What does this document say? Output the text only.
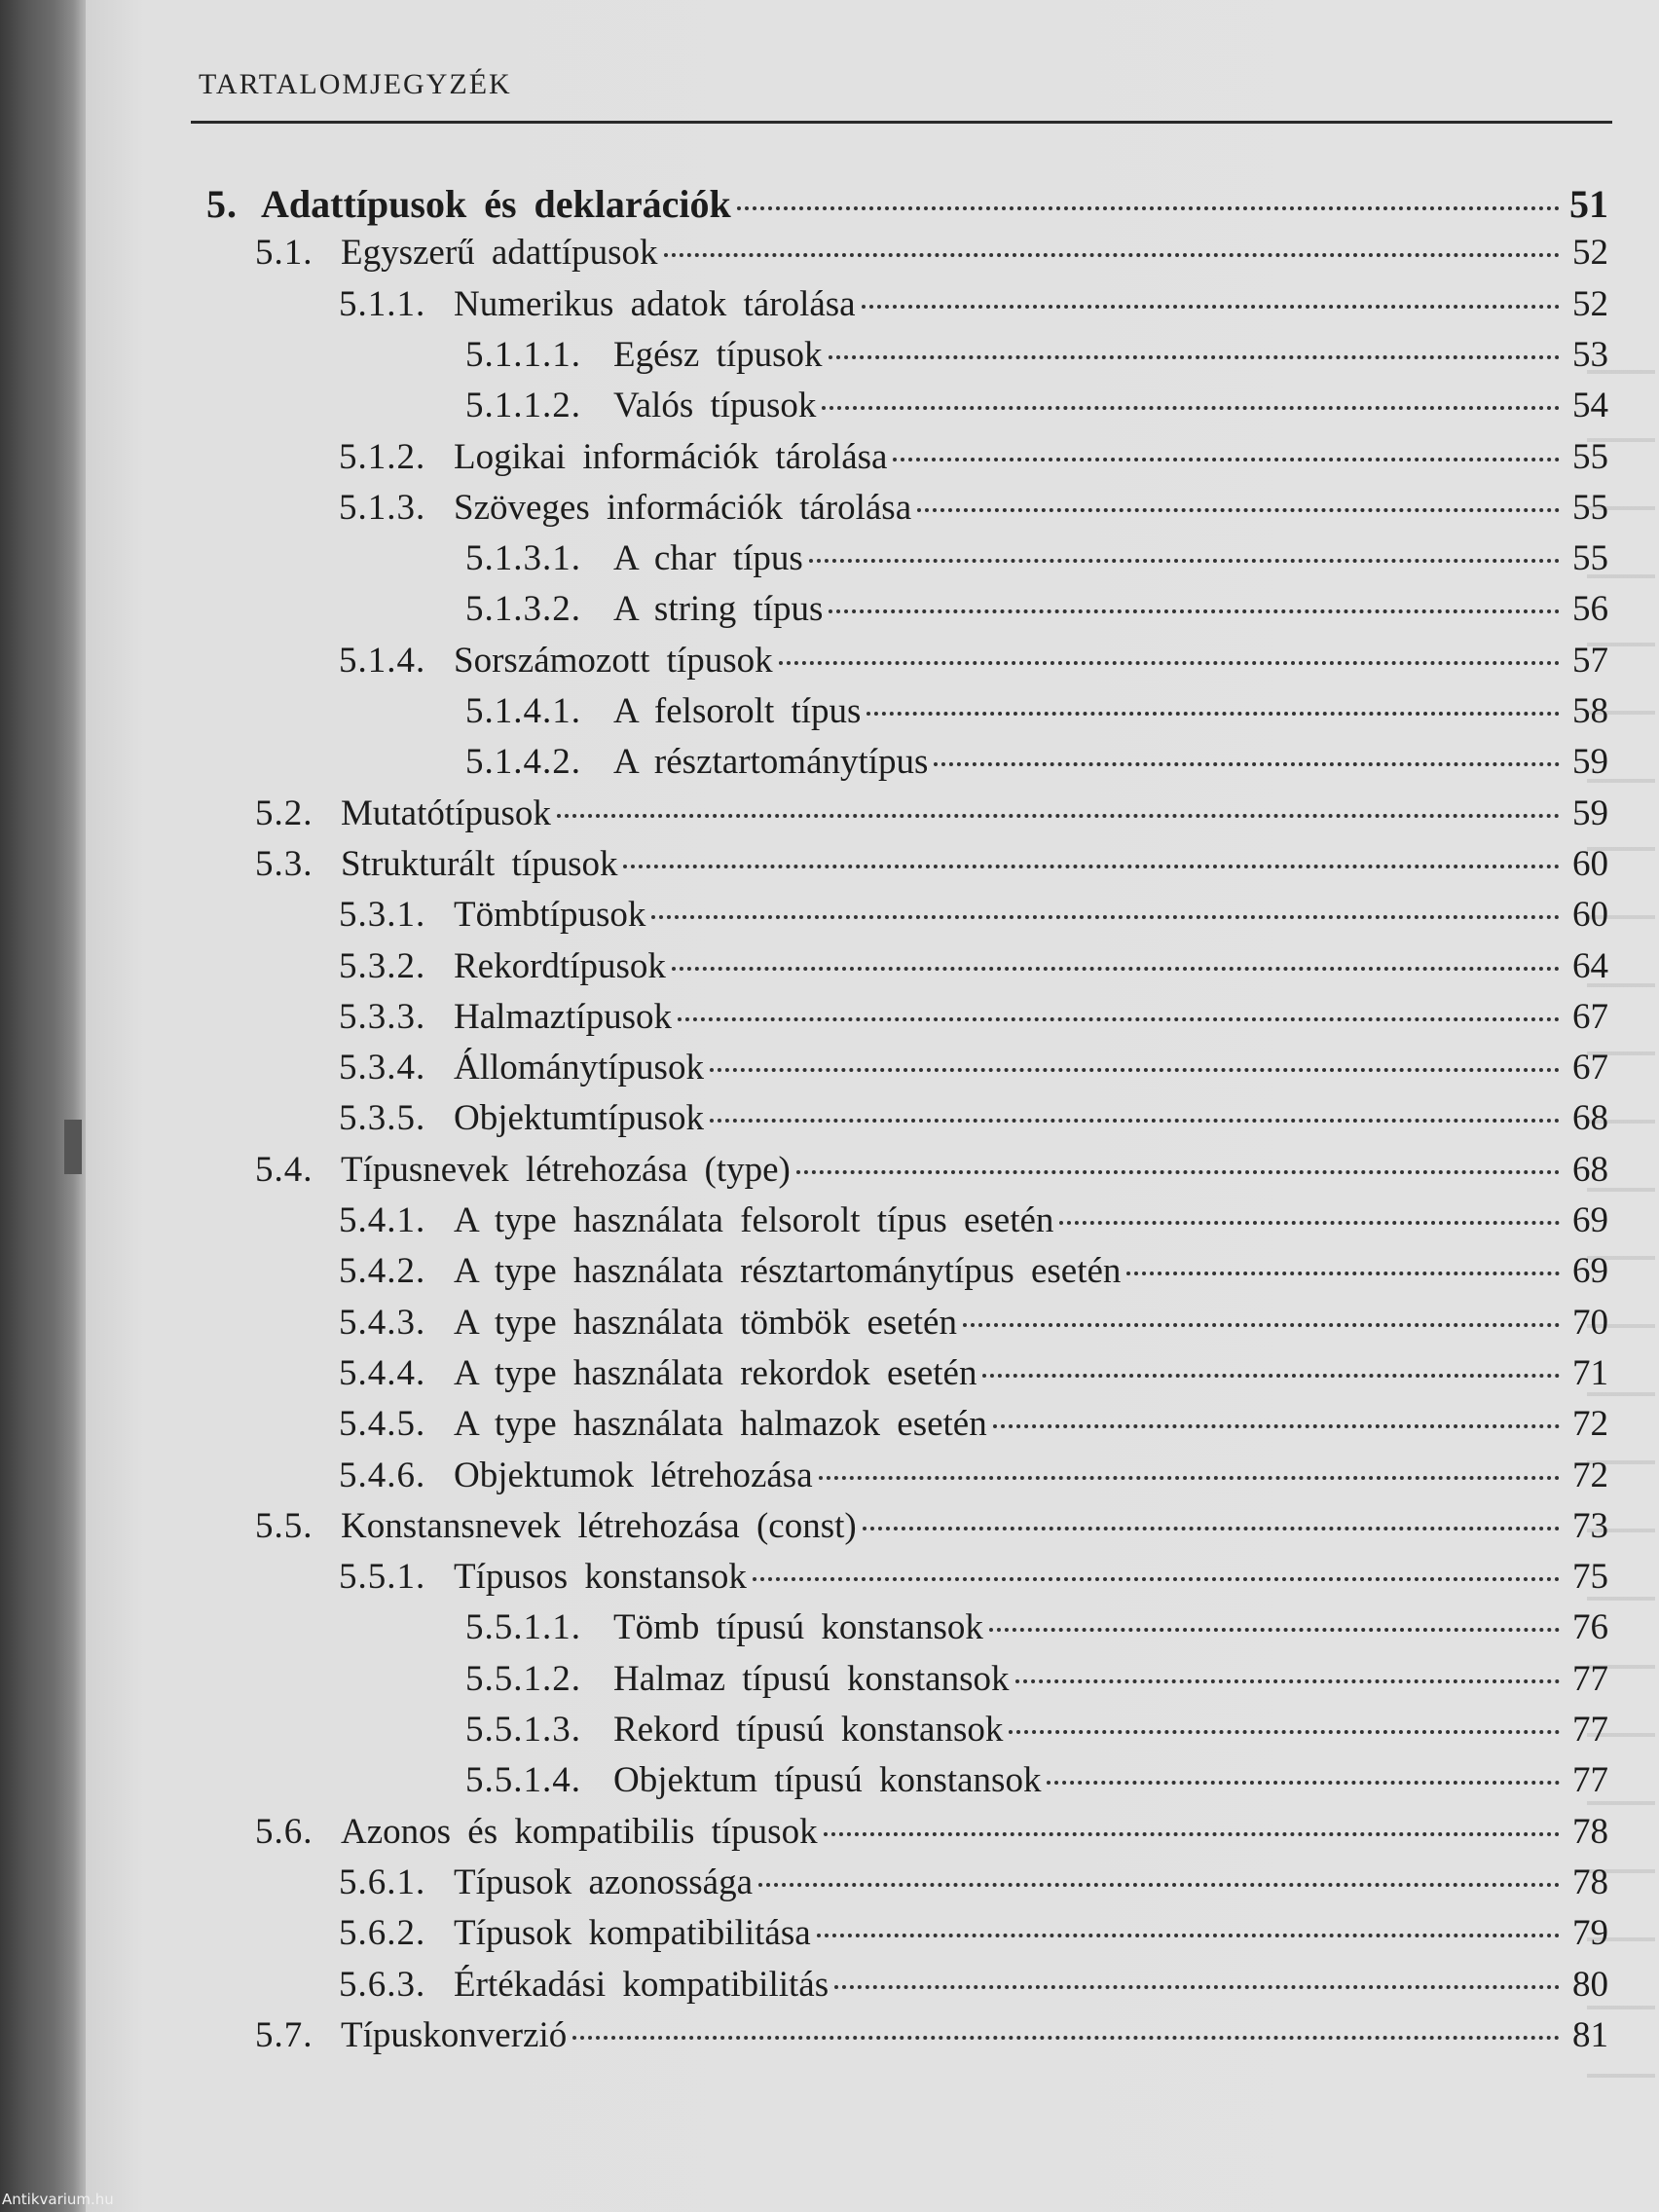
TARTALOMJEGYZÉK
5. Adattípusok és deklarációk	51
5.1. Egyszerű adattípusok	52
5.1.1. Numerikus adatok tárolása	52
5.1.1.1. Egész típusok	53
5.1.1.2. Valós típusok	54
5.1.2. Logikai információk tárolása	55
5.1.3. Szöveges információk tárolása	55
5.1.3.1. A char típus	55
5.1.3.2. A string típus	56
5.1.4. Sorszámozott típusok	57
5.1.4.1. A felsorolt típus	58
5.1.4.2. A résztartománytípus	59
5.2. Mutatótípusok	59
5.3. Strukturált típusok	60
5.3.1. Tömbtípusok	60
5.3.2. Rekordtípusok	64
5.3.3. Halmaztípusok	67
5.3.4. Állománytípusok	67
5.3.5. Objektumtípusok	68
5.4. Típusnevek létrehozása (type)	68
5.4.1. A type használata felsorolt típus esetén	69
5.4.2. A type használata résztartománytípus esetén	69
5.4.3. A type használata tömbök esetén	70
5.4.4. A type használata rekordok esetén	71
5.4.5. A type használata halmazok esetén	72
5.4.6. Objektumok létrehozása	72
5.5. Konstansnevek létrehozása (const)	73
5.5.1. Típusos konstansok	75
5.5.1.1. Tömb típusú konstansok	76
5.5.1.2. Halmaz típusú konstansok	77
5.5.1.3. Rekord típusú konstansok	77
5.5.1.4. Objektum típusú konstansok	77
5.6. Azonos és kompatibilis típusok	78
5.6.1. Típusok azonossága	78
5.6.2. Típusok kompatibilitása	79
5.6.3. Értékadási kompatibilitás	80
5.7. Típuskonverzió	81
Antikvarium.hu
